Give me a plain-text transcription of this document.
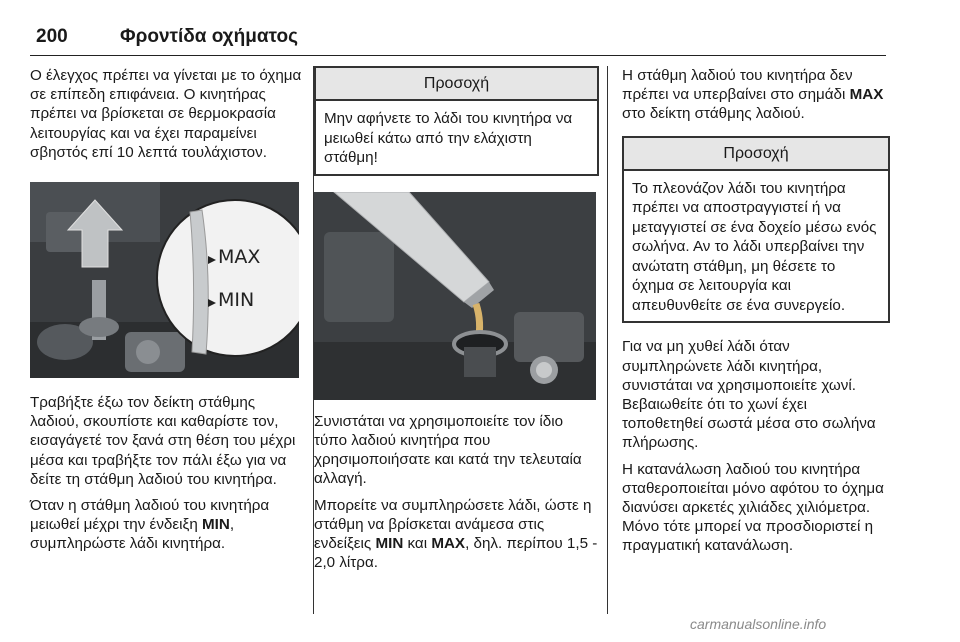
200	Φροντίδα οχήματος

Ο έλεγχος πρέπει να γίνεται με το όχημα σε επίπεδη επιφάνεια. Ο κινητήρας πρέπει να βρίσκεται σε θερμοκρασία λειτουργίας και να έχει παραμείνει σβηστός επί 10 λεπτά τουλάχιστον.

MAX
MIN

Τραβήξτε έξω τον δείκτη στάθμης λαδιού, σκουπίστε και καθαρίστε τον, εισαγάγετέ τον ξανά στη θέση του μέχρι μέσα και τραβήξτε τον πάλι έξω για να δείτε τη στάθμη λαδιού του κινητήρα.

Όταν η στάθμη λαδιού του κινητήρα μειωθεί μέχρι την ένδειξη MIN, συμπληρώστε λάδι κινητήρα.

Προσοχή
Μην αφήνετε το λάδι του κινητήρα να μειωθεί κάτω από την ελάχιστη στάθμη!

Συνιστάται να χρησιμοποιείτε τον ίδιο τύπο λαδιού κινητήρα που χρησιμοποιήσατε και κατά την τελευταία αλλαγή.

Μπορείτε να συμπληρώσετε λάδι, ώστε η στάθμη να βρίσκεται ανάμεσα στις ενδείξεις MIN και MAX, δηλ. περίπου 1,5 - 2,0 λίτρα.

Η στάθμη λαδιού του κινητήρα δεν πρέπει να υπερβαίνει στο σημάδι MAX στο δείκτη στάθμης λαδιού.

Προσοχή
Το πλεονάζον λάδι του κινητήρα πρέπει να αποστραγγιστεί ή να μεταγγιστεί σε ένα δοχείο μέσω ενός σωλήνα. Αν το λάδι υπερβαίνει την ανώτατη στάθμη, μη θέσετε το όχημα σε λειτουργία και απευθυνθείτε σε ένα συνεργείο.

Για να μη χυθεί λάδι όταν συμπληρώνετε λάδι κινητήρα, συνιστάται να χρησιμοποιείτε χωνί. Βεβαιωθείτε ότι το χωνί έχει τοποθετηθεί σωστά μέσα στο σωλήνα πλήρωσης.

Η κατανάλωση λαδιού του κινητήρα σταθεροποιείται μόνο αφότου το όχημα διανύσει αρκετές χιλιάδες χιλιόμετρα. Μόνο τότε μπορεί να προσδιοριστεί η πραγματική κατανάλωση.

carmanualsonline.info
